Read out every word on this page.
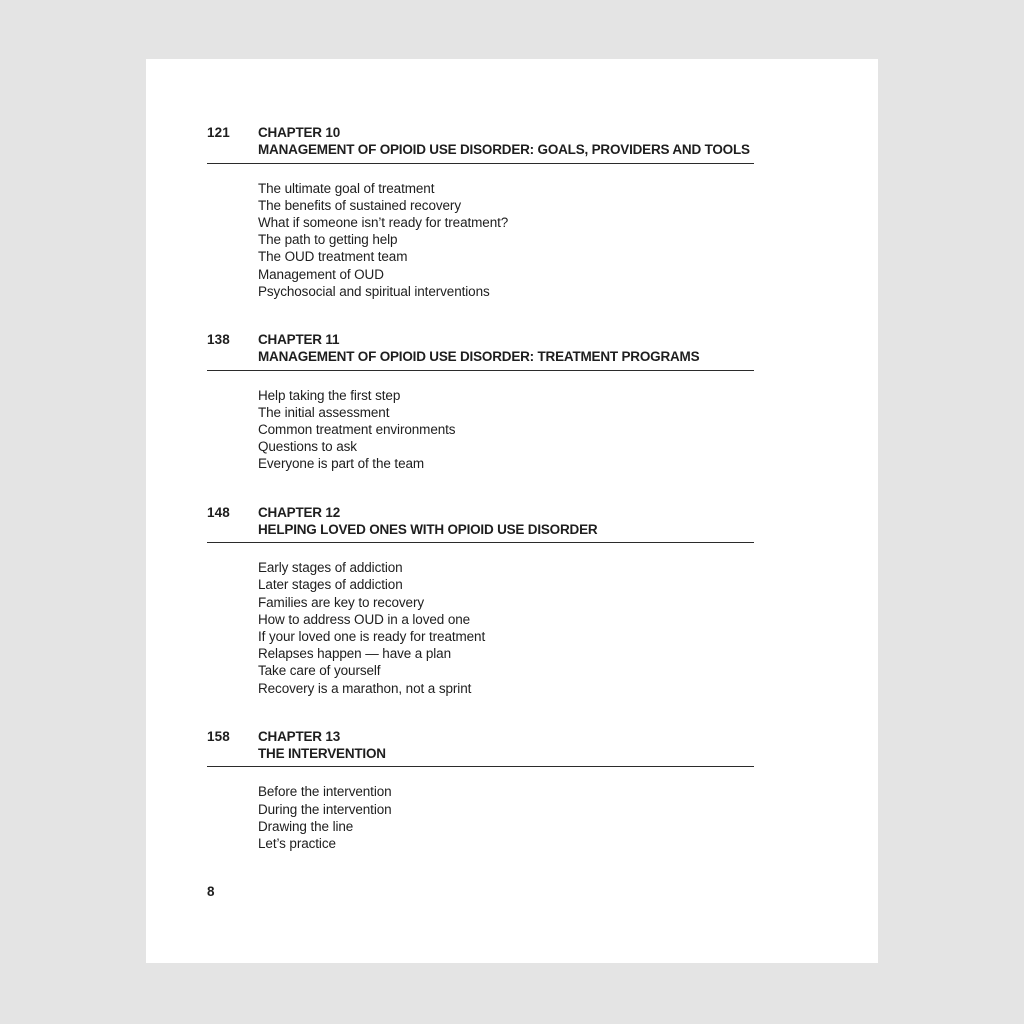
121	CHAPTER 10
MANAGEMENT OF OPIOID USE DISORDER: GOALS, PROVIDERS AND TOOLS
The ultimate goal of treatment
The benefits of sustained recovery
What if someone isn’t ready for treatment?
The path to getting help
The OUD treatment team
Management of OUD
Psychosocial and spiritual interventions
138	CHAPTER 11
MANAGEMENT OF OPIOID USE DISORDER: TREATMENT PROGRAMS
Help taking the first step
The initial assessment
Common treatment environments
Questions to ask
Everyone is part of the team
148	CHAPTER 12
HELPING LOVED ONES WITH OPIOID USE DISORDER
Early stages of addiction
Later stages of addiction
Families are key to recovery
How to address OUD in a loved one
If your loved one is ready for treatment
Relapses happen — have a plan
Take care of yourself
Recovery is a marathon, not a sprint
158	CHAPTER 13
THE INTERVENTION
Before the intervention
During the intervention
Drawing the line
Let’s practice
8
